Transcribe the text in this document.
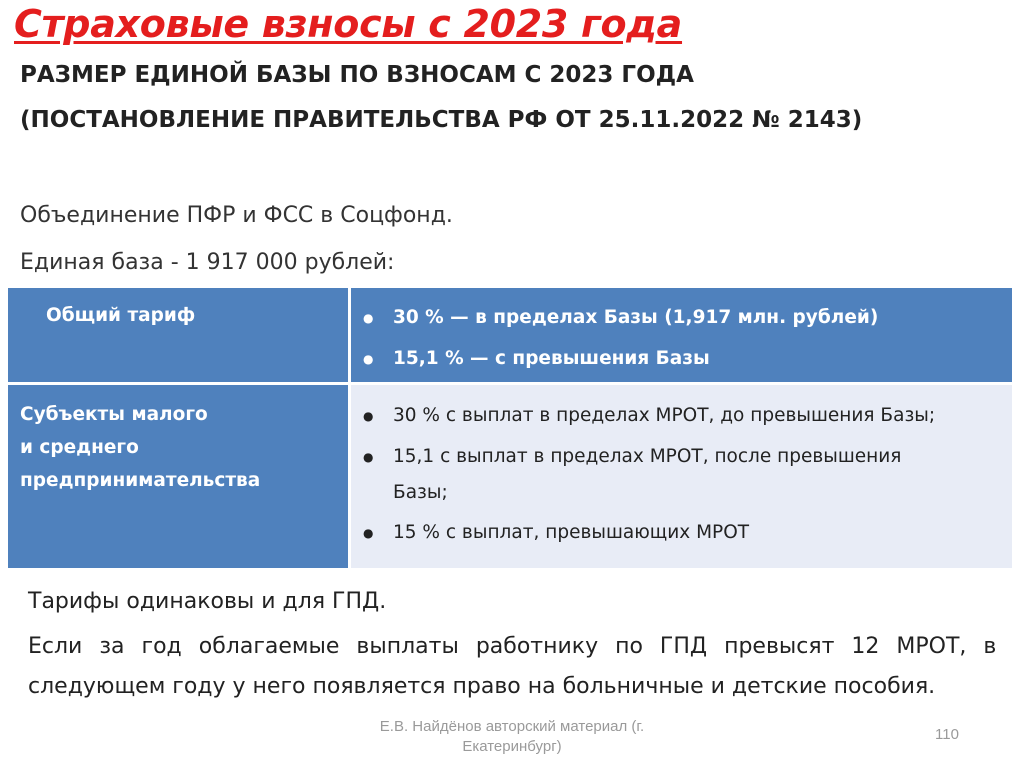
Страховые взносы с 2023 года
РАЗМЕР ЕДИНОЙ БАЗЫ ПО ВЗНОСАМ С 2023 ГОДА
(ПОСТАНОВЛЕНИЕ ПРАВИТЕЛЬСТВА РФ ОТ 25.11.2022 № 2143)
Объединение ПФР и ФСС в Соцфонд.
Единая база - 1 917 000 рублей:
Общий тариф	● 30 % — в пределах Базы (1,917 млн. рублей)
● 15,1 % — с превышения Базы
Субъекты малого
и среднего
предпринимательства
● 30 % с выплат в пределах МРОТ, до превышения Базы;
● 15,1 с выплат в пределах МРОТ, после превышения
Базы;
● 15 % с выплат, превышающих МРОТ
Тарифы одинаковы и для ГПД.
Если за год облагаемые выплаты работнику по ГПД превысят 12 МРОТ, в
следующем году у него появляется право на больничные и детские пособия.
Е.В. Найдёнов авторский материал (г.
Екатеринбург)
110
